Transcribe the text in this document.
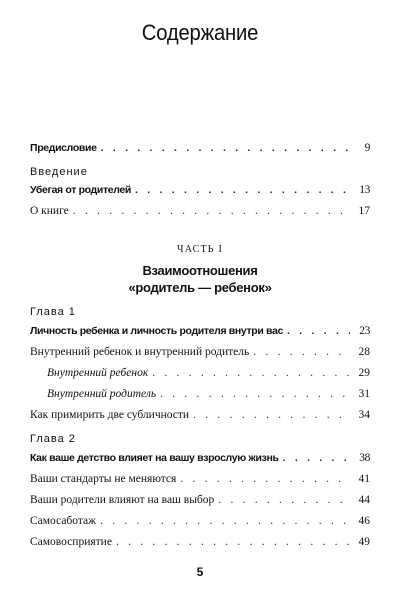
Содержание
Предисловие . . .	9
Введение
Убегая от родителей . . .	13
О книге . . .	17
Глава 1
Личность ребенка и личность родителя внутри вас . . .	23
Внутренний ребенок и внутренний родитель . . .	28
Внутренний ребенок . . .	29
Внутренний родитель . . .	31
Как примирить две субличности . . .	34
Глава 2
Как ваше детство влияет на вашу взрослую жизнь . . .	38
Ваши стандарты не меняются . . .	41
Ваши родители влияют на ваш выбор . . .	44
Самосаботаж . . .	46
Самовосприятие . . .	49
ЧАСТЬ I
Взаимоотношения
«родитель — ребенок»
5
